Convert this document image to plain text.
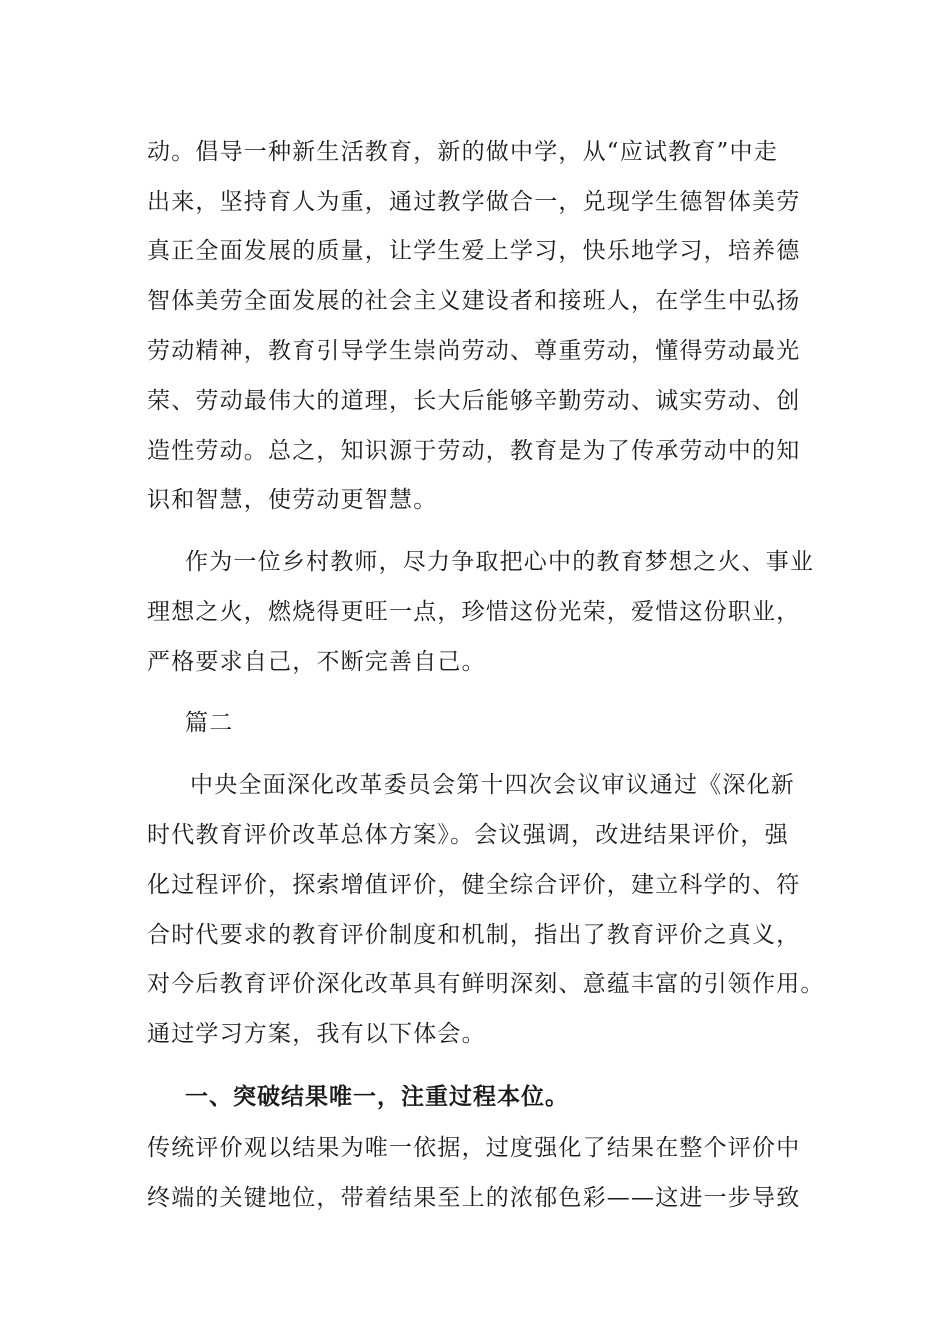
动。倡导一种新生活教育，新的做中学，从“应试教育”中走
出来，坚持育人为重，通过教学做合一，兑现学生德智体美劳
真正全面发展的质量，让学生爱上学习，快乐地学习，培养德
智体美劳全面发展的社会主义建设者和接班人，在学生中弘扬
劳动精神，教育引导学生崇尚劳动、尊重劳动，懂得劳动最光
荣、劳动最伟大的道理，长大后能够辛勤劳动、诚实劳动、创
造性劳动。总之，知识源于劳动，教育是为了传承劳动中的知
识和智慧，使劳动更智慧。
作为一位乡村教师，尽力争取把心中的教育梦想之火、事业
理想之火，燃烧得更旺一点，珍惜这份光荣，爱惜这份职业，
严格要求自己，不断完善自己。
篇二
中央全面深化改革委员会第十四次会议审议通过《深化新
时代教育评价改革总体方案》。会议强调，改进结果评价，强
化过程评价，探索增值评价，健全综合评价，建立科学的、符
合时代要求的教育评价制度和机制，指出了教育评价之真义，
对今后教育评价深化改革具有鲜明深刻、意蕴丰富的引领作用。
通过学习方案，我有以下体会。
一、突破结果唯一，注重过程本位。
传统评价观以结果为唯一依据，过度强化了结果在整个评价中
终端的关键地位，带着结果至上的浓郁色彩——这进一步导致
